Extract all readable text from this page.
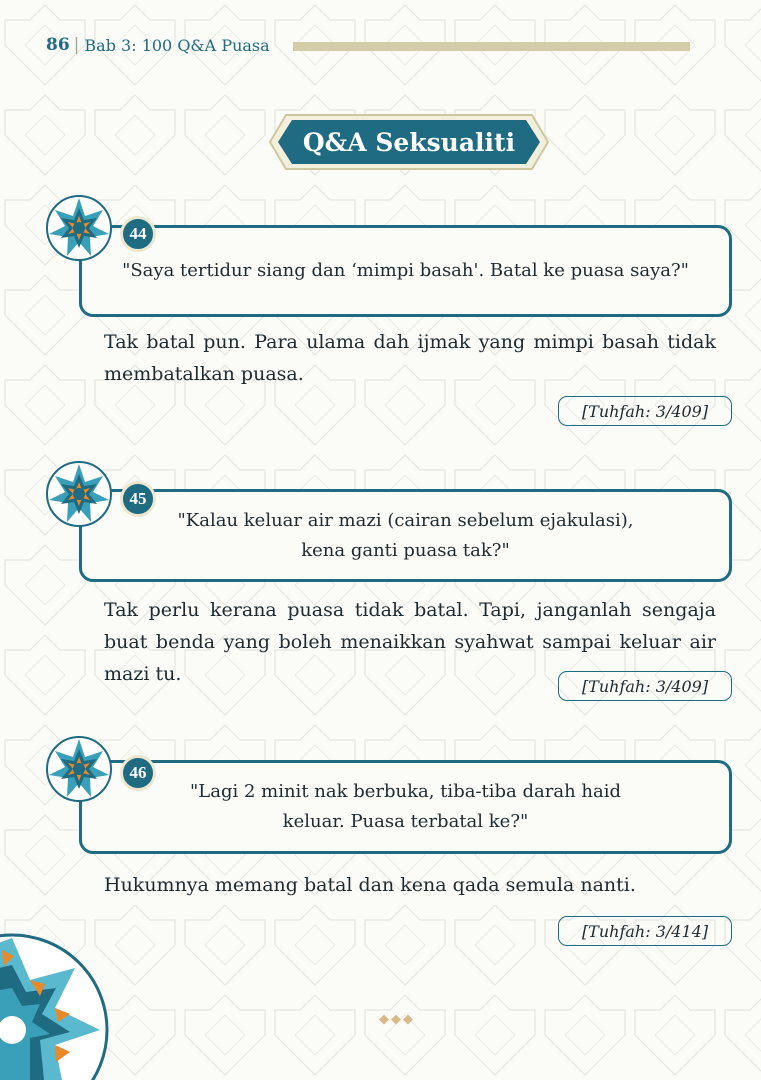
86 | Bab 3: 100 Q&A Puasa
Q&A Seksualiti
"Saya tertidur siang dan ‘mimpi basah'. Batal ke puasa saya?"
44

Tak batal pun. Para ulama dah ijmak yang mimpi basah tidak membatalkan puasa.

[Tuhfah: 3/409]
"Kalau keluar air mazi (cairan sebelum ejakulasi),
kena ganti puasa tak?"
45

Tak perlu kerana puasa tidak batal. Tapi, janganlah sengaja buat benda yang boleh menaikkan syahwat sampai keluar air mazi tu.

[Tuhfah: 3/409]
"Lagi 2 minit nak berbuka, tiba-tiba darah haid
keluar. Puasa terbatal ke?"
46

Hukumnya memang batal dan kena qada semula nanti.

[Tuhfah: 3/414]
◆◆◆
